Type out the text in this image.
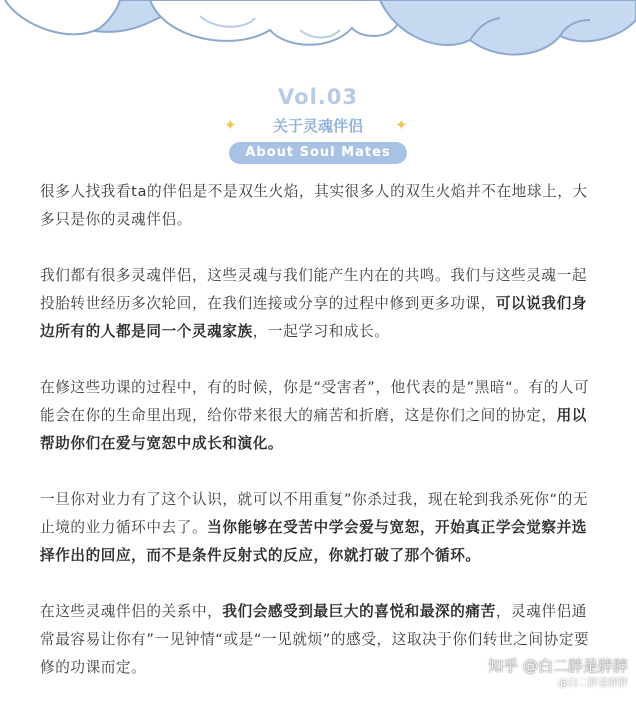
Vol.03
✦ 关于灵魂伴侣 ✦
About Soul Mates

很多人找我看ta的伴侣是不是双生火焰，其实很多人的双生火焰并不在地球上，大多只是你的灵魂伴侣。

我们都有很多灵魂伴侣，这些灵魂与我们能产生内在的共鸣。我们与这些灵魂一起投胎转世经历多次轮回，在我们连接或分享的过程中修到更多功课，可以说我们身边所有的人都是同一个灵魂家族，一起学习和成长。

在修这些功课的过程中，有的时候，你是“受害者”，他代表的是”黑暗“。有的人可能会在你的生命里出现，给你带来很大的痛苦和折磨，这是你们之间的协定，用以帮助你们在爱与宽恕中成长和演化。

一旦你对业力有了这个认识，就可以不用重复”你杀过我，现在轮到我杀死你“的无止境的业力循环中去了。当你能够在受苦中学会爱与宽恕，开始真正学会觉察并选择作出的回应，而不是条件反射式的反应，你就打破了那个循环。

在这些灵魂伴侣的关系中，我们会感受到最巨大的喜悦和最深的痛苦，灵魂伴侣通常最容易让你有”一见钟情“或是“一见就烦”的感受，这取决于你们转世之间协定要修的功课而定。	知乎 @白二胖是胖胖
@白二胖是胖胖
